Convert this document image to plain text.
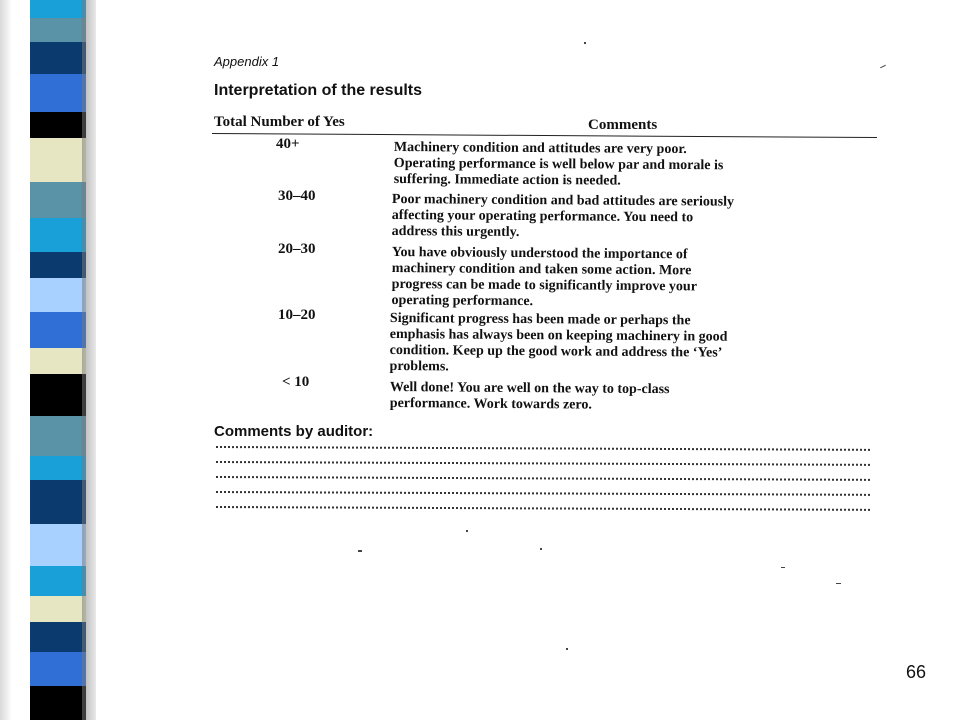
Appendix 1
Interpretation of the results
Total Number of Yes	Comments
40+	Machinery condition and attitudes are very poor.
Operating performance is well below par and morale is
suffering. Immediate action is needed.
30–40	Poor machinery condition and bad attitudes are seriously
affecting your operating performance. You need to
address this urgently.
20–30	You have obviously understood the importance of
machinery condition and taken some action. More
progress can be made to significantly improve your
operating performance.
10–20	Significant progress has been made or perhaps the
emphasis has always been on keeping machinery in good
condition. Keep up the good work and address the ‘Yes’
problems.
< 10	Well done! You are well on the way to top-class
performance. Work towards zero.
Comments by auditor:
66
